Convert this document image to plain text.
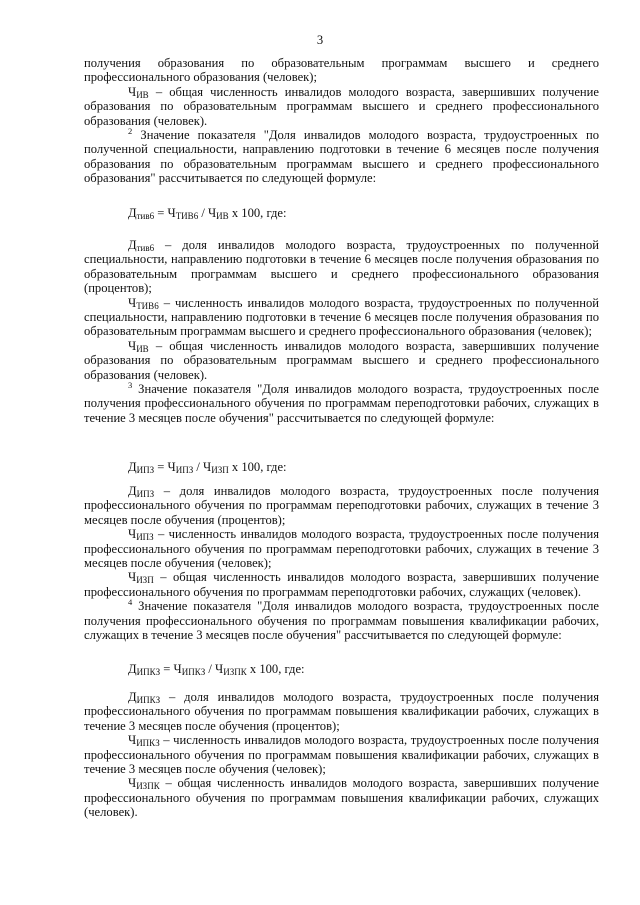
3

получения образования по образовательным программам высшего и среднего профессионального образования (человек);

$Ч_{ИВ}$ – общая численность инвалидов молодого возраста, завершивших получение образования по образовательным программам высшего и среднего профессионального образования (человек).

$^2$ Значение показателя "Доля инвалидов молодого возраста, трудоустроенных по полученной специальности, направлению подготовки в течение 6 месяцев после получения образования по образовательным программам высшего и среднего профессионального образования" рассчитывается по следующей формуле:

$Д_{тив6} = Ч_{ТИВ6} / Ч_{ИВ}$ х 100, где:

$Д_{тив6}$ – доля инвалидов молодого возраста, трудоустроенных по полученной специальности, направлению подготовки в течение 6 месяцев после получения образования по образовательным программам высшего и среднего профессионального образования (процентов);

$Ч_{ТИВ6}$ – численность инвалидов молодого возраста, трудоустроенных по полученной специальности, направлению подготовки в течение 6 месяцев после получения образования по образовательным программам высшего и среднего профессионального образования (человек);

$Ч_{ИВ}$ – общая численность инвалидов молодого возраста, завершивших получение образования по образовательным программам высшего и среднего профессионального образования (человек).

$^3$ Значение показателя "Доля инвалидов молодого возраста, трудоустроенных после получения профессионального обучения по программам переподготовки рабочих, служащих в течение 3 месяцев после обучения" рассчитывается по следующей формуле:

$Д_{ИПЗ} = Ч_{ИПЗ} / Ч_{ИЗП}$ х 100, где:

$Д_{ИПЗ}$ – доля инвалидов молодого возраста, трудоустроенных после получения профессионального обучения по программам переподготовки рабочих, служащих в течение 3 месяцев после обучения (процентов);

$Ч_{ИПЗ}$ – численность инвалидов молодого возраста, трудоустроенных после получения профессионального обучения по программам переподготовки рабочих, служащих в течение 3 месяцев после обучения (человек);

$Ч_{ИЗП}$ – общая численность инвалидов молодого возраста, завершивших получение профессионального обучения по программам переподготовки рабочих, служащих (человек).

$^4$ Значение показателя "Доля инвалидов молодого возраста, трудоустроенных после получения профессионального обучения по программам повышения квалификации рабочих, служащих в течение 3 месяцев после обучения" рассчитывается по следующей формуле:

$Д_{ИПКЗ} = Ч_{ИПКЗ} / Ч_{ИЗПК}$ х 100, где:

$Д_{ИПКЗ}$ – доля инвалидов молодого возраста, трудоустроенных после получения профессионального обучения по программам повышения квалификации рабочих, служащих в течение 3 месяцев после обучения (процентов);

$Ч_{ИПКЗ}$ – численность инвалидов молодого возраста, трудоустроенных после получения профессионального обучения по программам повышения квалификации рабочих, служащих в течение 3 месяцев после обучения (человек);

$Ч_{ИЗПК}$ – общая численность инвалидов молодого возраста, завершивших получение профессионального обучения по программам повышения квалификации рабочих, служащих (человек).
